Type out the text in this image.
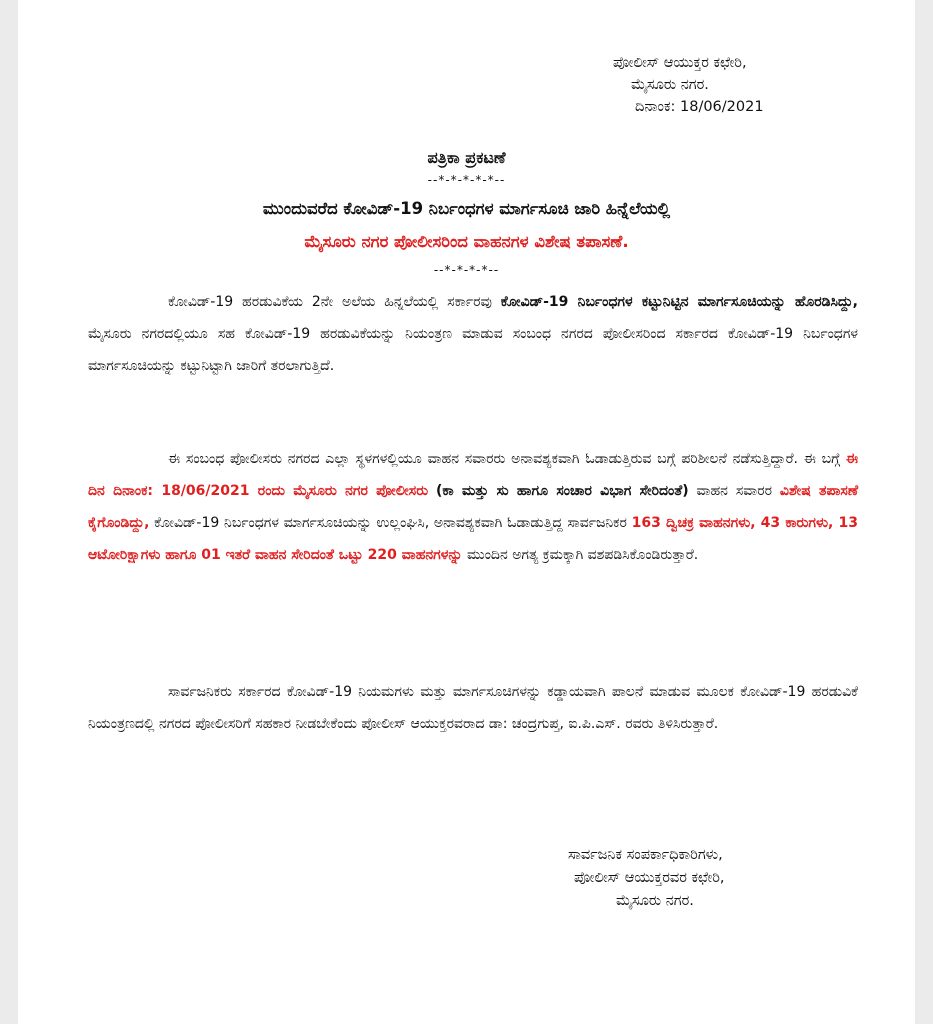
ಪೋಲೀಸ್ ಆಯುಕ್ತರ ಕಛೇರಿ,
ಮೈಸೂರು ನಗರ.
ದಿನಾಂಕ: 18/06/2021
ಪತ್ರಿಕಾ ಪ್ರಕಟಣೆ
--*-*-*-*-*--
ಮುಂದುವರೆದ ಕೋವಿಡ್-19 ನಿರ್ಬಂಧಗಳ ಮಾರ್ಗಸೂಚಿ ಜಾರಿ ಹಿನ್ನೆಲೆಯಲ್ಲಿ
ಮೈಸೂರು ನಗರ ಪೋಲೀಸರಿಂದ ವಾಹನಗಳ ವಿಶೇಷ ತಪಾಸಣೆ.
--*-*-*-*--
ಕೋವಿಡ್-19 ಹರಡುವಿಕೆಯ 2ನೇ ಅಲೆಯ ಹಿನ್ನಲೆಯಲ್ಲಿ ಸರ್ಕಾರವು ಕೋವಿಡ್-19 ನಿರ್ಬಂಧಗಳ ಕಟ್ಟುನಿಟ್ಟಿನ ಮಾರ್ಗಸೂಚಿಯನ್ನು ಹೊರಡಿಸಿದ್ದು, ಮೈಸೂರು ನಗರದಲ್ಲಿಯೂ ಸಹ ಕೋವಿಡ್-19 ಹರಡುವಿಕೆಯನ್ನು ನಿಯಂತ್ರಣ ಮಾಡುವ ಸಂಬಂಧ ನಗರದ ಪೋಲೀಸರಿಂದ ಸರ್ಕಾರದ ಕೋವಿಡ್-19 ನಿರ್ಬಂಧಗಳ ಮಾರ್ಗಸೂಚಿಯನ್ನು ಕಟ್ಟುನಿಟ್ಟಾಗಿ ಜಾರಿಗೆ ತರಲಾಗುತ್ತಿದೆ.
ಈ ಸಂಬಂಧ ಪೋಲೀಸರು ನಗರದ ಎಲ್ಲಾ ಸ್ಥಳಗಳಲ್ಲಿಯೂ ವಾಹನ ಸವಾರರು ಅನಾವಶ್ಯಕವಾಗಿ ಓಡಾಡುತ್ತಿರುವ ಬಗ್ಗೆ ಪರಿಶೀಲನೆ ನಡೆಸುತ್ತಿದ್ದಾರೆ. ಈ ಬಗ್ಗೆ ಈ ದಿನ ದಿನಾಂಕ: 18/06/2021 ರಂದು ಮೈಸೂರು ನಗರ ಪೋಲೀಸರು (ಕಾ ಮತ್ತು ಸು ಹಾಗೂ ಸಂಚಾರ ವಿಭಾಗ ಸೇರಿದಂತೆ) ವಾಹನ ಸವಾರರ ವಿಶೇಷ ತಪಾಸಣೆ ಕೈಗೊಂಡಿದ್ದು, ಕೋವಿಡ್-19 ನಿರ್ಬಂಧಗಳ ಮಾರ್ಗಸೂಚಿಯನ್ನು ಉಲ್ಲಂಘಿಸಿ, ಅನಾವಶ್ಯಕವಾಗಿ ಓಡಾಡುತ್ತಿದ್ದ ಸಾರ್ವಜನಿಕರ 163 ದ್ವಿಚಕ್ರ ವಾಹನಗಳು, 43 ಕಾರುಗಳು, 13 ಆಟೋರಿಕ್ಷಾಗಳು ಹಾಗೂ 01 ಇತರೆ ವಾಹನ ಸೇರಿದಂತೆ ಒಟ್ಟು 220 ವಾಹನಗಳನ್ನು ಮುಂದಿನ ಅಗತ್ಯ ಕ್ರಮಕ್ಕಾಗಿ ವಶಪಡಿಸಿಕೊಂಡಿರುತ್ತಾರೆ.
ಸಾರ್ವಜನಿಕರು ಸರ್ಕಾರದ ಕೋವಿಡ್-19 ನಿಯಮಗಳು ಮತ್ತು ಮಾರ್ಗಸೂಚಿಗಳನ್ನು ಕಡ್ಡಾಯವಾಗಿ ಪಾಲನೆ ಮಾಡುವ ಮೂಲಕ ಕೋವಿಡ್-19 ಹರಡುವಿಕೆ ನಿಯಂತ್ರಣದಲ್ಲಿ ನಗರದ ಪೋಲೀಸರಿಗೆ ಸಹಕಾರ ನೀಡಬೇಕೆಂದು ಪೋಲೀಸ್ ಆಯುಕ್ತರವರಾದ ಡಾ: ಚಂದ್ರಗುಪ್ತ, ಐ.ಪಿ.ಎಸ್. ರವರು ತಿಳಿಸಿರುತ್ತಾರೆ.
ಸಾರ್ವಜನಿಕ ಸಂಪರ್ಕಾಧಿಕಾರಿಗಳು,
ಪೋಲೀಸ್ ಆಯುಕ್ತರವರ ಕಛೇರಿ,
ಮೈಸೂರು ನಗರ.
